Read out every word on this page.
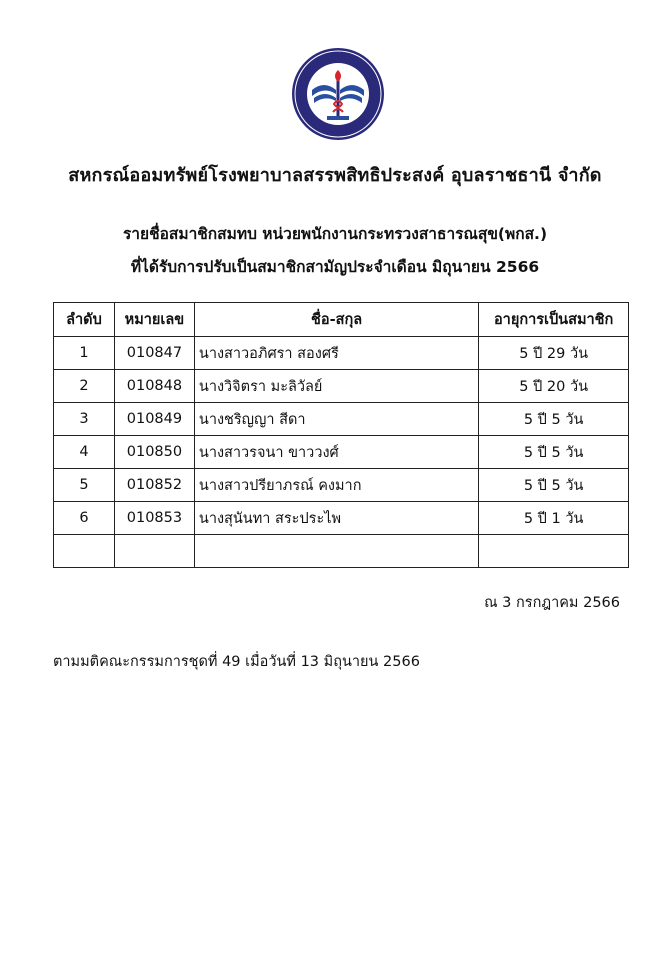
สหกรณ์ออมทรัพย์โรงพยาบาลสรรพสิทธิประสงค์ อุบลราชธานี จำกัด
รายชื่อสมาชิกสมทบ หน่วยพนักงานกระทรวงสาธารณสุข(พกส.)
ที่ได้รับการปรับเป็นสมาชิกสามัญประจำเดือน มิถุนายน 2566
ลำดับ	หมายเลข	ชื่อ-สกุล	อายุการเป็นสมาชิก
1	010847	นางสาวอภิศรา สองศรี	5 ปี 29 วัน
2	010848	นางวิจิตรา มะลิวัลย์	5 ปี 20 วัน
3	010849	นางชริญญา สีดา	5 ปี 5 วัน
4	010850	นางสาวรจนา ขาววงศ์	5 ปี 5 วัน
5	010852	นางสาวปรียาภรณ์ คงมาก	5 ปี 5 วัน
6	010853	นางสุนันทา สระประไพ	5 ปี 1 วัน

ณ 3 กรกฎาคม 2566
ตามมติคณะกรรมการชุดที่ 49 เมื่อวันที่ 13 มิถุนายน 2566
